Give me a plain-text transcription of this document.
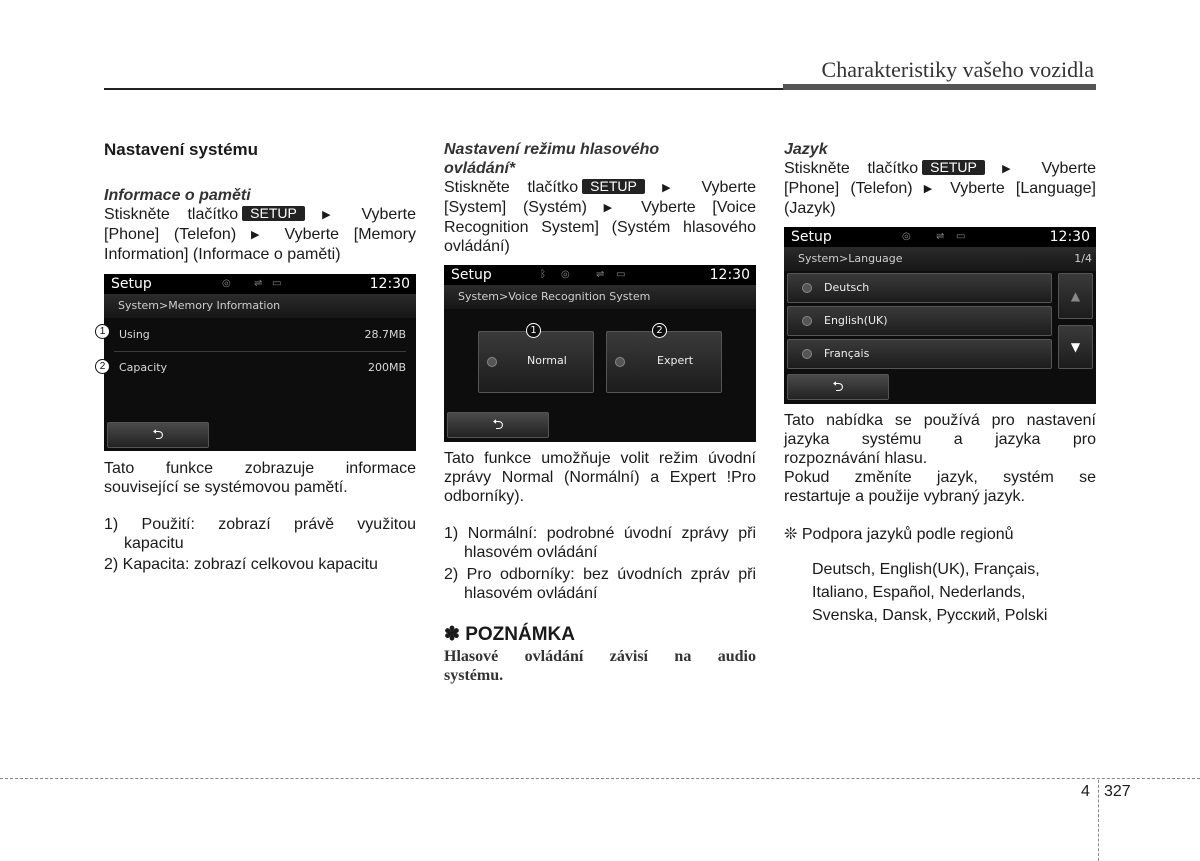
Charakteristiky vašeho vozidla

Nastavení systému

Informace o paměti

Stiskněte tlačítko SETUP ▶ Vyberte

[Phone] (Telefon) ▶ Vyberte [Memory

Information] (Informace o paměti)

Setup	◎ ⇌ ▭	12:30
System>Memory Information
Using	28.7MB
Capacity	200MB
⮌
1
2

Tato funkce zobrazuje informace

související se systémovou pamětí.

1) Použití: zobrazí právě využitou

kapacitu

2) Kapacita: zobrazí celkovou kapacitu

Nastavení režimu hlasového

ovládání*

Stiskněte tlačítko SETUP ▶ Vyberte

[System] (Systém) ▶ Vyberte [Voice

Recognition System] (Systém hlasového

ovládání)

Setup	ᛒ ◎	⇌ ▭	12:30
System>Voice Recognition System
Normal	Expert
1	2
⮌

Tato funkce umožňuje volit režim úvodní

zprávy Normal (Normální) a Expert !Pro

odborníky).

1) Normální: podrobné úvodní zprávy při

hlasovém ovládání

2) Pro odborníky: bez úvodních zpráv při

hlasovém ovládání

✽ POZNÁMKA

Hlasové ovládání závisí na audio

systému.

Jazyk

Stiskněte tlačítko SETUP ▶ Vyberte

[Phone] (Telefon) ▶ Vyberte [Language]

(Jazyk)

Setup	◎	⇌ ▭	12:30
System>Language	1/4
Deutsch
English(UK)
Français
▲
▼
⮌

Tato nabídka se používá pro nastavení

jazyka systému a jazyka pro

rozpoznávání hlasu.

Pokud změníte jazyk, systém se

restartuje a použije vybraný jazyk.

❊ Podpora jazyků podle regionů

Deutsch, English(UK), Français,

Italiano, Español, Nederlands,

Svenska, Dansk, Русский, Polski

4 327
